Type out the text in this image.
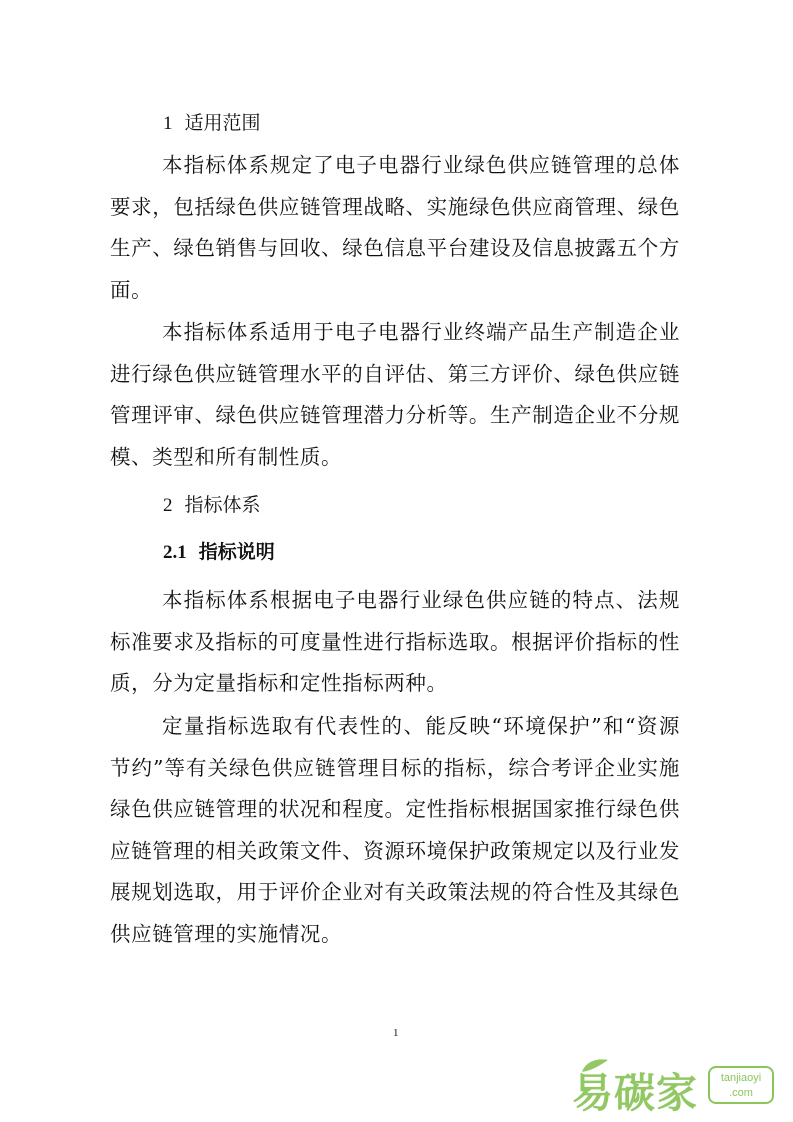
1 适用范围

本指标体系规定了电子电器行业绿色供应链管理的总体要求，包括绿色供应链管理战略、实施绿色供应商管理、绿色生产、绿色销售与回收、绿色信息平台建设及信息披露五个方面。

本指标体系适用于电子电器行业终端产品生产制造企业进行绿色供应链管理水平的自评估、第三方评价、绿色供应链管理评审、绿色供应链管理潜力分析等。生产制造企业不分规模、类型和所有制性质。

2 指标体系
2.1 指标说明

本指标体系根据电子电器行业绿色供应链的特点、法规标准要求及指标的可度量性进行指标选取。根据评价指标的性质，分为定量指标和定性指标两种。

定量指标选取有代表性的、能反映“环境保护”和“资源节约”等有关绿色供应链管理目标的指标，综合考评企业实施绿色供应链管理的状况和程度。定性指标根据国家推行绿色供应链管理的相关政策文件、资源环境保护政策规定以及行业发展规划选取，用于评价企业对有关政策法规的符合性及其绿色供应链管理的实施情况。

1
易碳家	tanjiaoyi
.com
